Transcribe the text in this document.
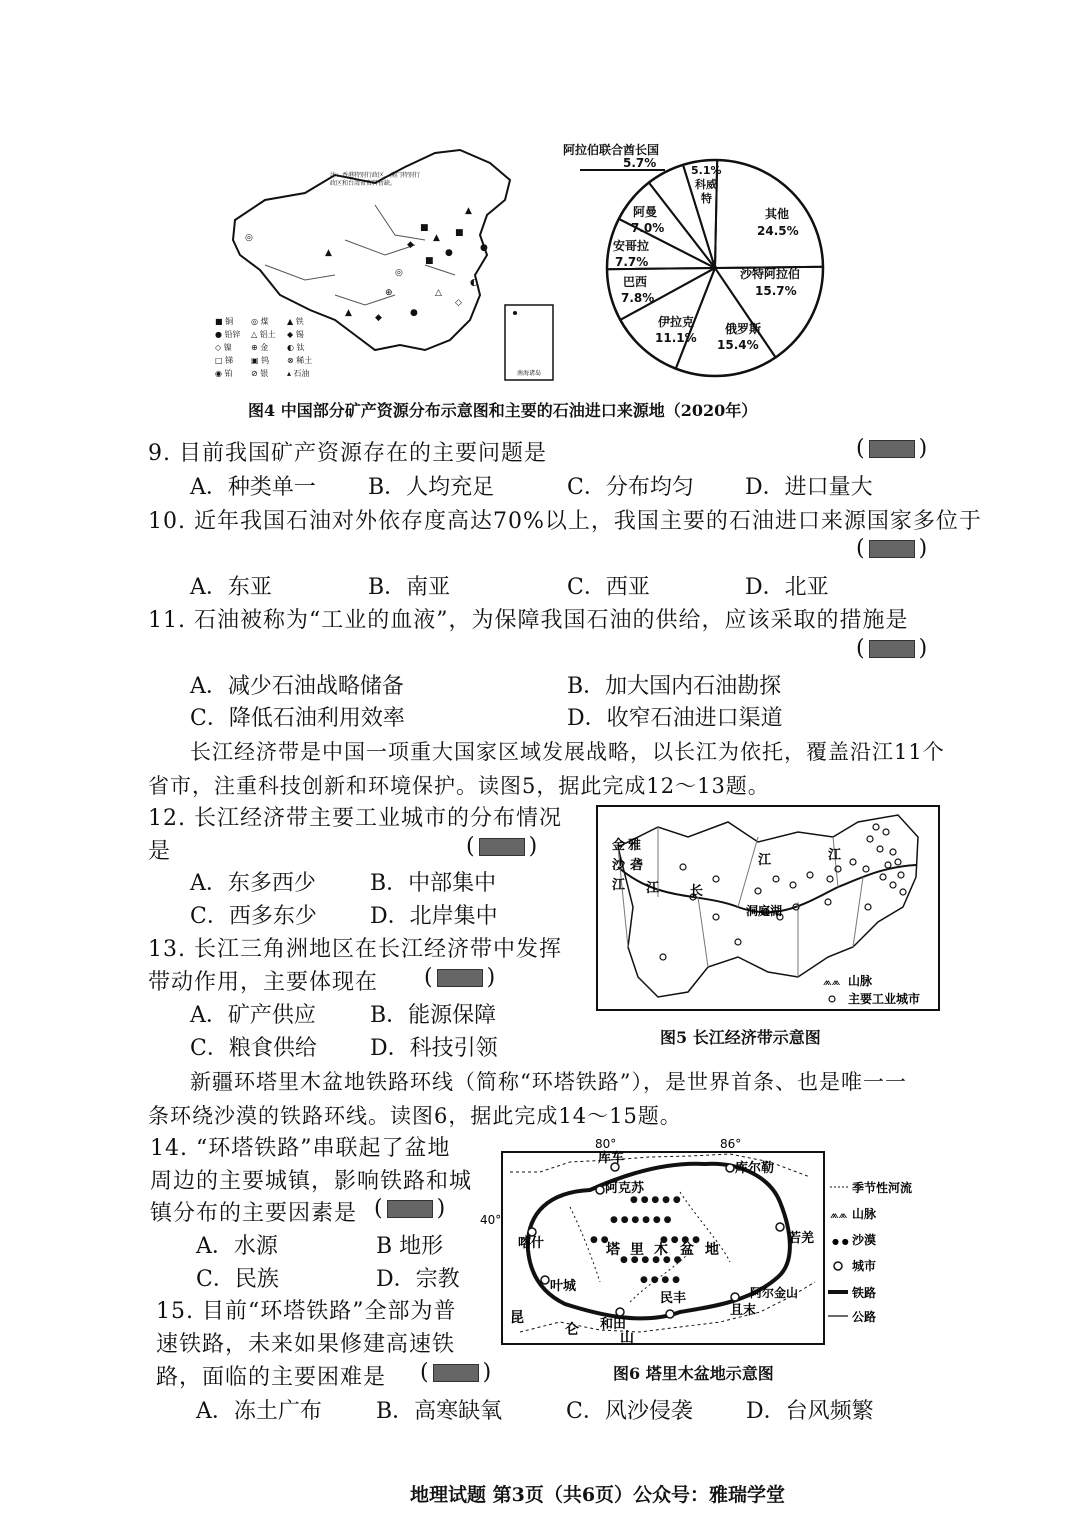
南海诸岛
■
▲
◆
●
■
◎
▲
■
⊕	△
◆	●
▲
▲
◎
◇
◐
●
注：香港特别行政区、澳门特别行政区和台湾省资料暂缺。
■ 铜	◎ 煤	▲ 铁
● 铅锌	△ 铝土	◆ 锡
◇ 镍	⊕ 金	◐ 钛
□ 锑	▣ 钨	⊗ 稀土
◉ 铂	⊘ 银	▴ 石油
阿拉伯联合酋长国
5.7%
5.1%
科威
特
其他
24.5%
沙特阿拉伯
15.7%
俄罗斯
15.4%
伊拉克
11.1%
巴西
7.8%
安哥拉
7.7%
阿曼
7.0%
图4 中国部分矿产资源分布示意图和主要的石油进口来源地（2020年）
9. 目前我国矿产资源存在的主要问题是	( )
A．种类单一 B．人均充足	C．分布均匀 D．进口量大
10. 近年我国石油对外依存度高达70%以上，我国主要的石油进口来源国家多位于
( )
A．东亚	B．南亚	C．西亚	D．北亚
11. 石油被称为“工业的血液”，为保障我国石油的供给，应该采取的措施是
( )
A．减少石油战略储备	B．加大国内石油勘探
C．降低石油利用效率	D．收窄石油进口渠道
长江经济带是中国一项重大国家区域发展战略，以长江为依托，覆盖沿江11个
省市，注重科技创新和环境保护。读图5，据此完成12～13题。
12. 长江经济带主要工业城市的分布情况
是	( )
A．东多西少 B．中部集中
C．西多东少 D．北岸集中
13. 长江三角洲地区在长江经济带中发挥
带动作用，主要体现在 ( )
A．矿产供应 B．能源保障
C．粮食供给 D．科技引领
金 雅
沙 砻
江 江
江
长
江
洞庭湖
⩕⩕ 山脉
主要工业城市
图5 长江经济带示意图
新疆环塔里木盆地铁路环线（简称“环塔铁路”），是世界首条、也是唯一一
条环绕沙漠的铁路环线。读图6，据此完成14～15题。
14. “环塔铁路”串联起了盆地
周边的主要城镇，影响铁路和城
镇分布的主要因素是 ( )
A．水源	B 地形
C．民族	D．宗教
15. 目前“环塔铁路”全部为普
速铁路，未来如果修建高速铁
路，面临的主要困难是 ( )
A．冻土广布 B．高寒缺氧	C．风沙侵袭 D．台风频繁
80°	86°
40°
● ● ● ● ●
● ● ● ● ● ●
● ● ● ●
● ● ● ● ● ●
● ● ● ●
● ●
库车
阿克苏
库尔勒
喀什
叶城
和田
民丰
且末
若羌
塔 里 木 盆 地
昆
仑	山
阿尔金山
季节性河流
⩕⩕ 山脉
● ● 沙漠
城市
铁路
公路
图6 塔里木盆地示意图
地理试题 第3页（共6页）公众号：雅瑞学堂
